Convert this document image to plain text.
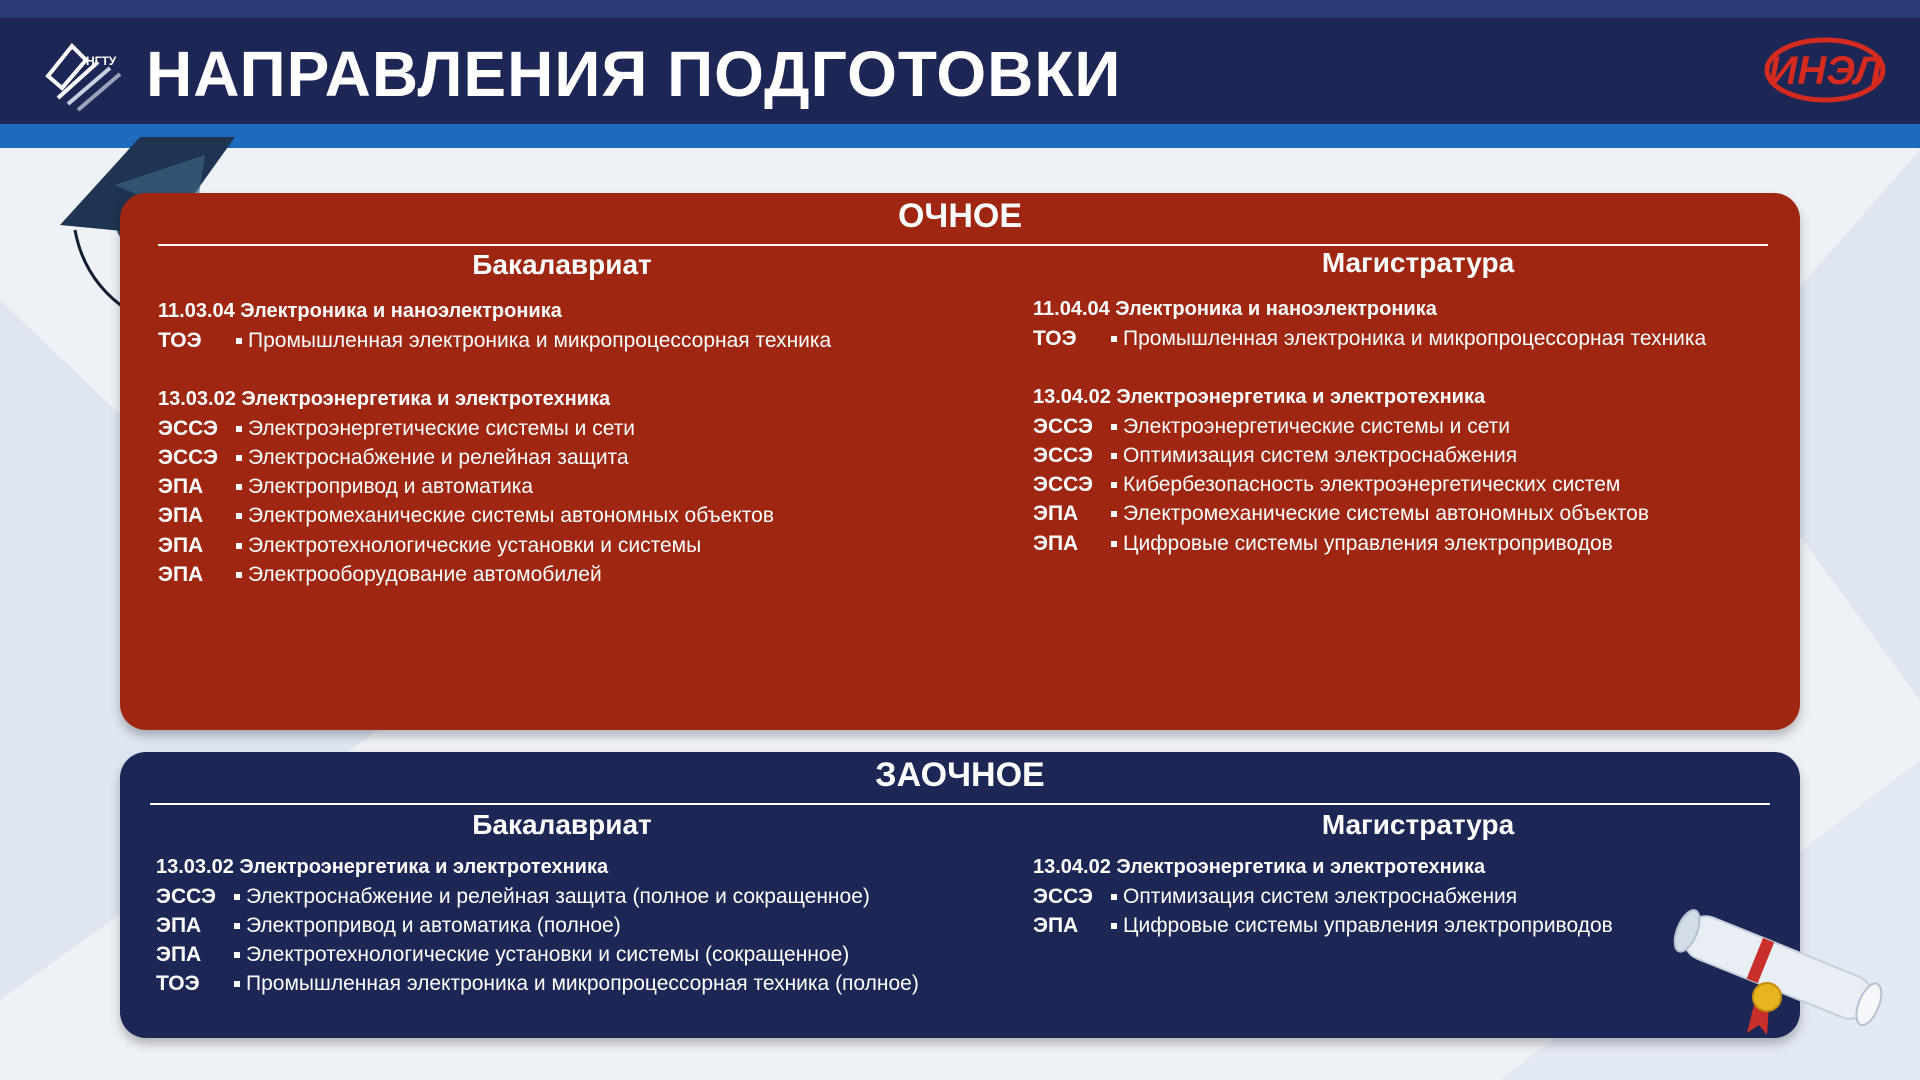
НГТУ НАПРАВЛЕНИЯ ПОДГОТОВКИ	ИНЭЛ
ОЧНОЕ
Бакалавриат	Магистратура
11.03.04 Электроника и наноэлектроника
ТОЭ Промышленная электроника и микропроцессорная техника
13.03.02 Электроэнергетика и электротехника
ЭССЭ Электроэнергетические системы и сети
ЭССЭ Электроснабжение и релейная защита
ЭПА Электропривод и автоматика
ЭПА Электромеханические системы автономных объектов
ЭПА Электротехнологические установки и системы
ЭПА Электрооборудование автомобилей
11.04.04 Электроника и наноэлектроника
ТОЭ Промышленная электроника и микропроцессорная техника
13.04.02 Электроэнергетика и электротехника
ЭССЭ Электроэнергетические системы и сети
ЭССЭ Оптимизация систем электроснабжения
ЭССЭ Кибербезопасность электроэнергетических систем
ЭПА Электромеханические системы автономных объектов
ЭПА Цифровые системы управления электроприводов
ЗАОЧНОЕ
Бакалавриат	Магистратура
13.03.02 Электроэнергетика и электротехника
ЭССЭ Электроснабжение и релейная защита (полное и сокращенное)
ЭПА Электропривод и автоматика (полное)
ЭПА Электротехнологические установки и системы (сокращенное)
ТОЭ Промышленная электроника и микропроцессорная техника (полное)
13.04.02 Электроэнергетика и электротехника
ЭССЭ Оптимизация систем электроснабжения
ЭПА Цифровые системы управления электроприводов
